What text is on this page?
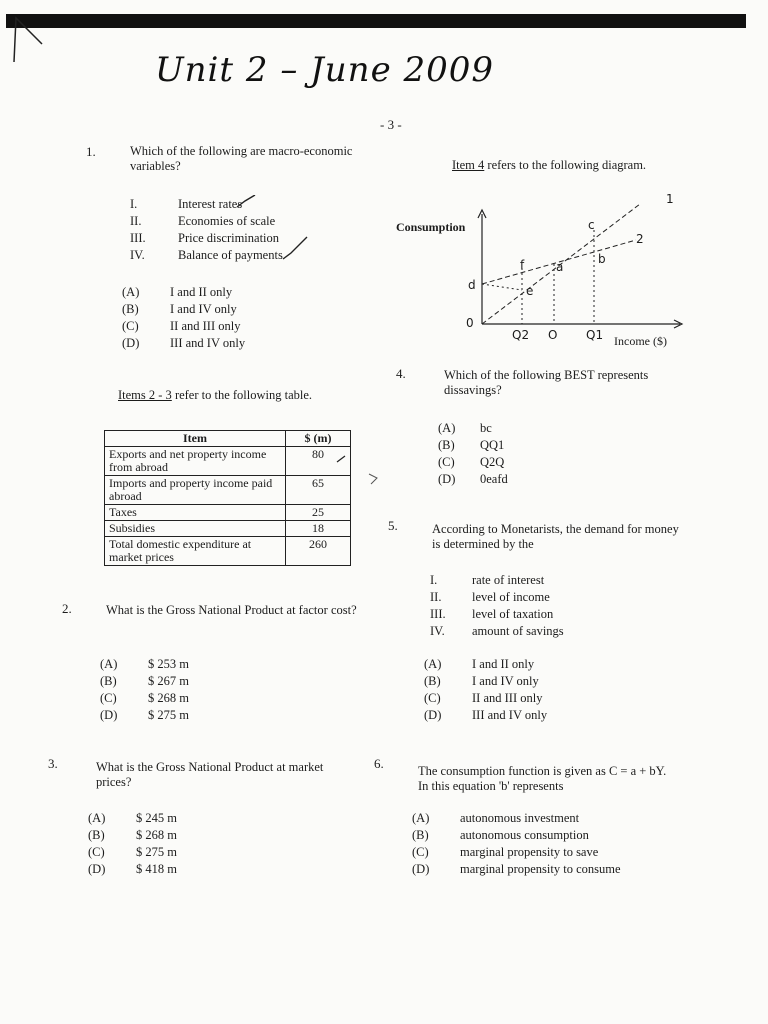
Unit 2 – June 2009
- 3 -
1.	Which of the following are macro-economic variables?
I.	Interest rates
II.	Economies of scale
III.	Price discrimination
IV.	Balance of payments
(A)	I and II only
(B)	I and IV only
(C)	II and III only
(D)	III and IV only
Items 2 - 3 refer to the following table.
Item	$ (m)
Exports and net property income from abroad	80
Imports and property income paid abroad	65
Taxes	25
Subsidies	18
Total domestic expenditure at market prices	260
2.	What is the Gross National Product at factor cost?
(A)	$ 253 m
(B)	$ 267 m
(C)	$ 268 m
(D)	$ 275 m
3.	What is the Gross National Product at market prices?
(A)	$ 245 m
(B)	$ 268 m
(C)	$ 275 m
(D)	$ 418 m
Item 4 refers to the following diagram.
Consumption
Income ($)
0
c
f	a
b
d	e
Q2 O Q1
1
2
4.	Which of the following BEST represents dissavings?
(A)	bc
(B)	QQ1
(C)	Q2Q
(D)	0eafd
5.	According to Monetarists, the demand for money is determined by the
I.	rate of interest
II.	level of income
III.	level of taxation
IV.	amount of savings
(A)	I and II only
(B)	I and IV only
(C)	II and III only
(D)	III and IV only
6.	The consumption function is given as C = a + bY. In this equation 'b' represents
(A)	autonomous investment
(B)	autonomous consumption
(C)	marginal propensity to save
(D)	marginal propensity to consume
